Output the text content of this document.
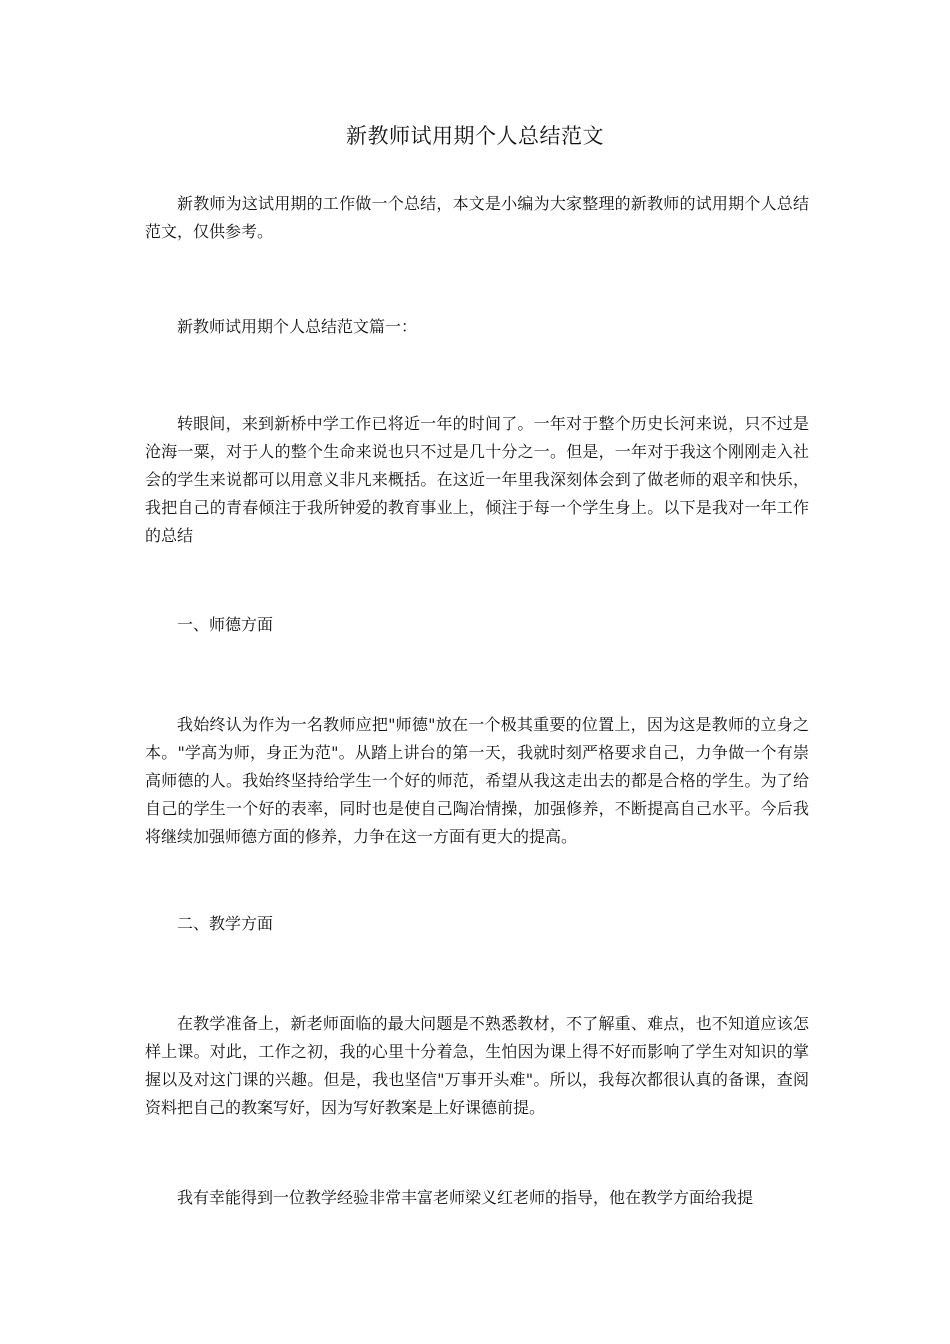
新教师试用期个人总结范文

新教师为这试用期的工作做一个总结，本文是小编为大家整理的新教师的试用期个人总结范文，仅供参考。

新教师试用期个人总结范文篇一：

转眼间，来到新桥中学工作已将近一年的时间了。一年对于整个历史长河来说，只不过是沧海一粟，对于人的整个生命来说也只不过是几十分之一。但是，一年对于我这个刚刚走入社会的学生来说都可以用意义非凡来概括。在这近一年里我深刻体会到了做老师的艰辛和快乐，我把自己的青春倾注于我所钟爱的教育事业上，倾注于每一个学生身上。以下是我对一年工作的总结

一、师德方面

我始终认为作为一名教师应把"师德"放在一个极其重要的位置上，因为这是教师的立身之本。"学高为师，身正为范"。从踏上讲台的第一天，我就时刻严格要求自己，力争做一个有崇高师德的人。我始终坚持给学生一个好的师范，希望从我这走出去的都是合格的学生。为了给自己的学生一个好的表率，同时也是使自己陶冶情操，加强修养，不断提高自己水平。今后我将继续加强师德方面的修养，力争在这一方面有更大的提高。

二、教学方面

在教学准备上，新老师面临的最大问题是不熟悉教材，不了解重、难点，也不知道应该怎样上课。对此，工作之初，我的心里十分着急，生怕因为课上得不好而影响了学生对知识的掌握以及对这门课的兴趣。但是，我也坚信"万事开头难"。所以，我每次都很认真的备课，查阅资料把自己的教案写好，因为写好教案是上好课德前提。

我有幸能得到一位教学经验非常丰富老师梁义红老师的指导，他在教学方面给我提
